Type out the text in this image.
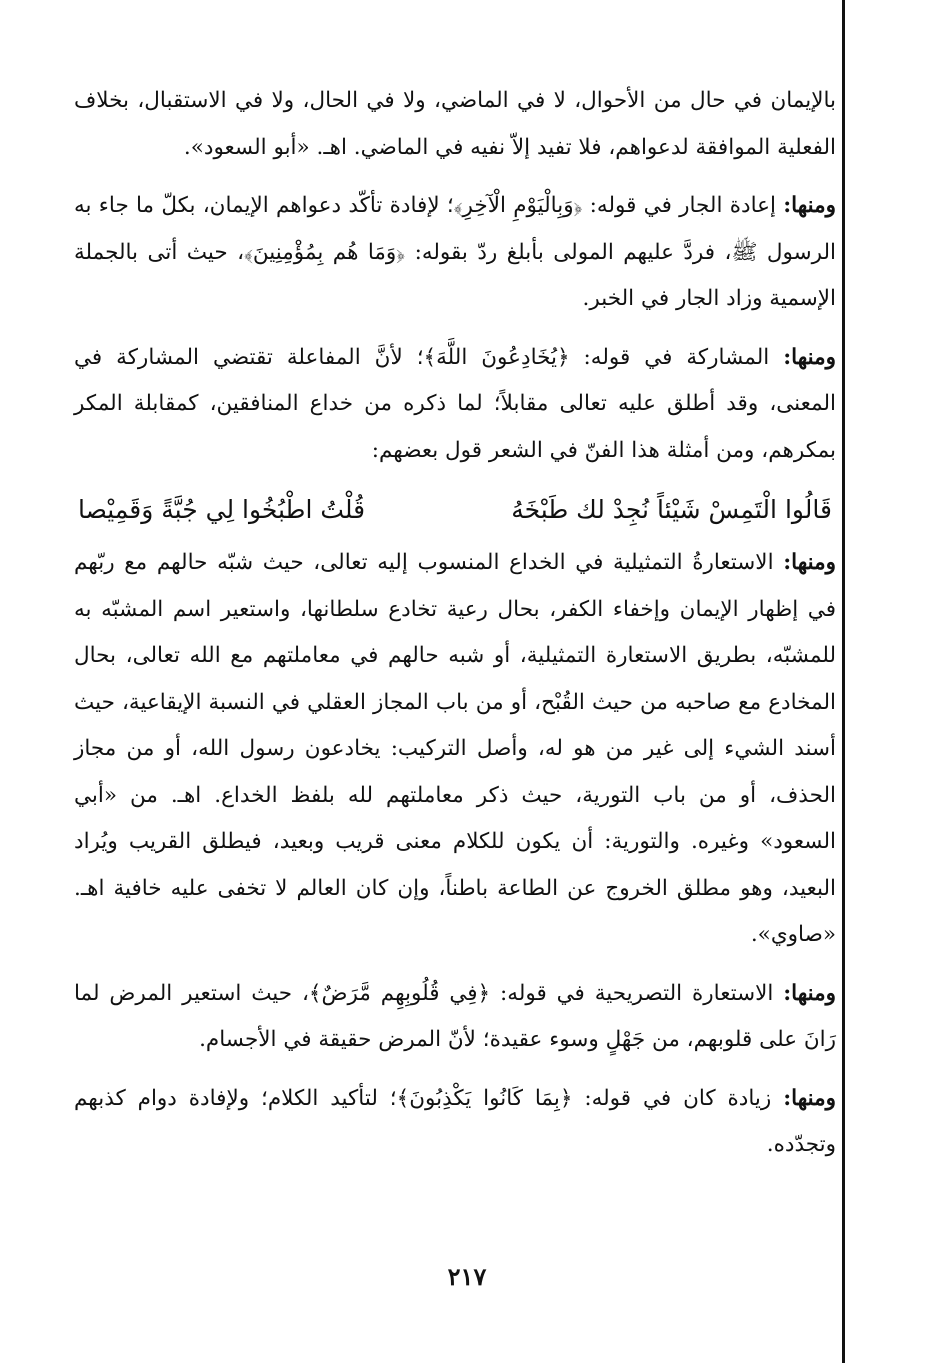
بالإيمان في حال من الأحوال، لا في الماضي، ولا في الحال، ولا في الاستقبال، بخلاف الفعلية الموافقة لدعواهم، فلا تفيد إلاّ نفيه في الماضي. اهـ. «أبو السعود».

ومنها: إعادة الجار في قوله: ﴿وَبِالْيَوْمِ الْآخِرِ﴾؛ لإفادة تأكّد دعواهم الإيمان، بكلّ ما جاء به الرسول ﷺ، فردَّ عليهم المولى بأبلغ ردّ بقوله: ﴿وَمَا هُم بِمُؤْمِنِينَ﴾، حيث أتى بالجملة الإسمية وزاد الجار في الخبر.

ومنها: المشاركة في قوله: ﴿يُخَادِعُونَ اللَّهَ﴾؛ لأنَّ المفاعلة تقتضي المشاركة في المعنى، وقد أطلق عليه تعالى مقابلاً؛ لما ذكره من خداع المنافقين، كمقابلة المكر بمكرهم، ومن أمثلة هذا الفنّ في الشعر قول بعضهم:

قَالُوا الْتَمِسْ شَيْئاً نُجِدْ لك طَبْخَهُ
قُلْتُ اطْبُخُوا لِي جُبَّةً وَقَمِيْصا

ومنها: الاستعارةُ التمثيلية في الخداع المنسوب إليه تعالى، حيث شبّه حالهم مع ربّهم في إظهار الإيمان وإخفاء الكفر، بحال رعية تخادع سلطانها، واستعير اسم المشبّه به للمشبّه، بطريق الاستعارة التمثيلية، أو شبه حالهم في معاملتهم مع الله تعالى، بحال المخادع مع صاحبه من حيث القُبْح، أو من باب المجاز العقلي في النسبة الإيقاعية، حيث أسند الشيء إلى غير من هو له، وأصل التركيب: يخادعون رسول الله، أو من مجاز الحذف، أو من باب التورية، حيث ذكر معاملتهم لله بلفظ الخداع. اهـ. من «أبي السعود» وغيره. والتورية: أن يكون للكلام معنى قريب وبعيد، فيطلق القريب ويُراد البعيد، وهو مطلق الخروج عن الطاعة باطناً، وإن كان العالم لا تخفى عليه خافية اهـ. «صاوي».

ومنها: الاستعارة التصريحية في قوله: ﴿فِي قُلُوبِهِم مَّرَضٌ﴾، حيث استعير المرض لما رَانَ على قلوبهم، من جَهْلٍ وسوء عقيدة؛ لأنّ المرض حقيقة في الأجسام.

ومنها: زيادة كان في قوله: ﴿بِمَا كَانُوا يَكْذِبُونَ﴾؛ لتأكيد الكلام؛ ولإفادة دوام كذبهم وتجدّده.

٢١٧
